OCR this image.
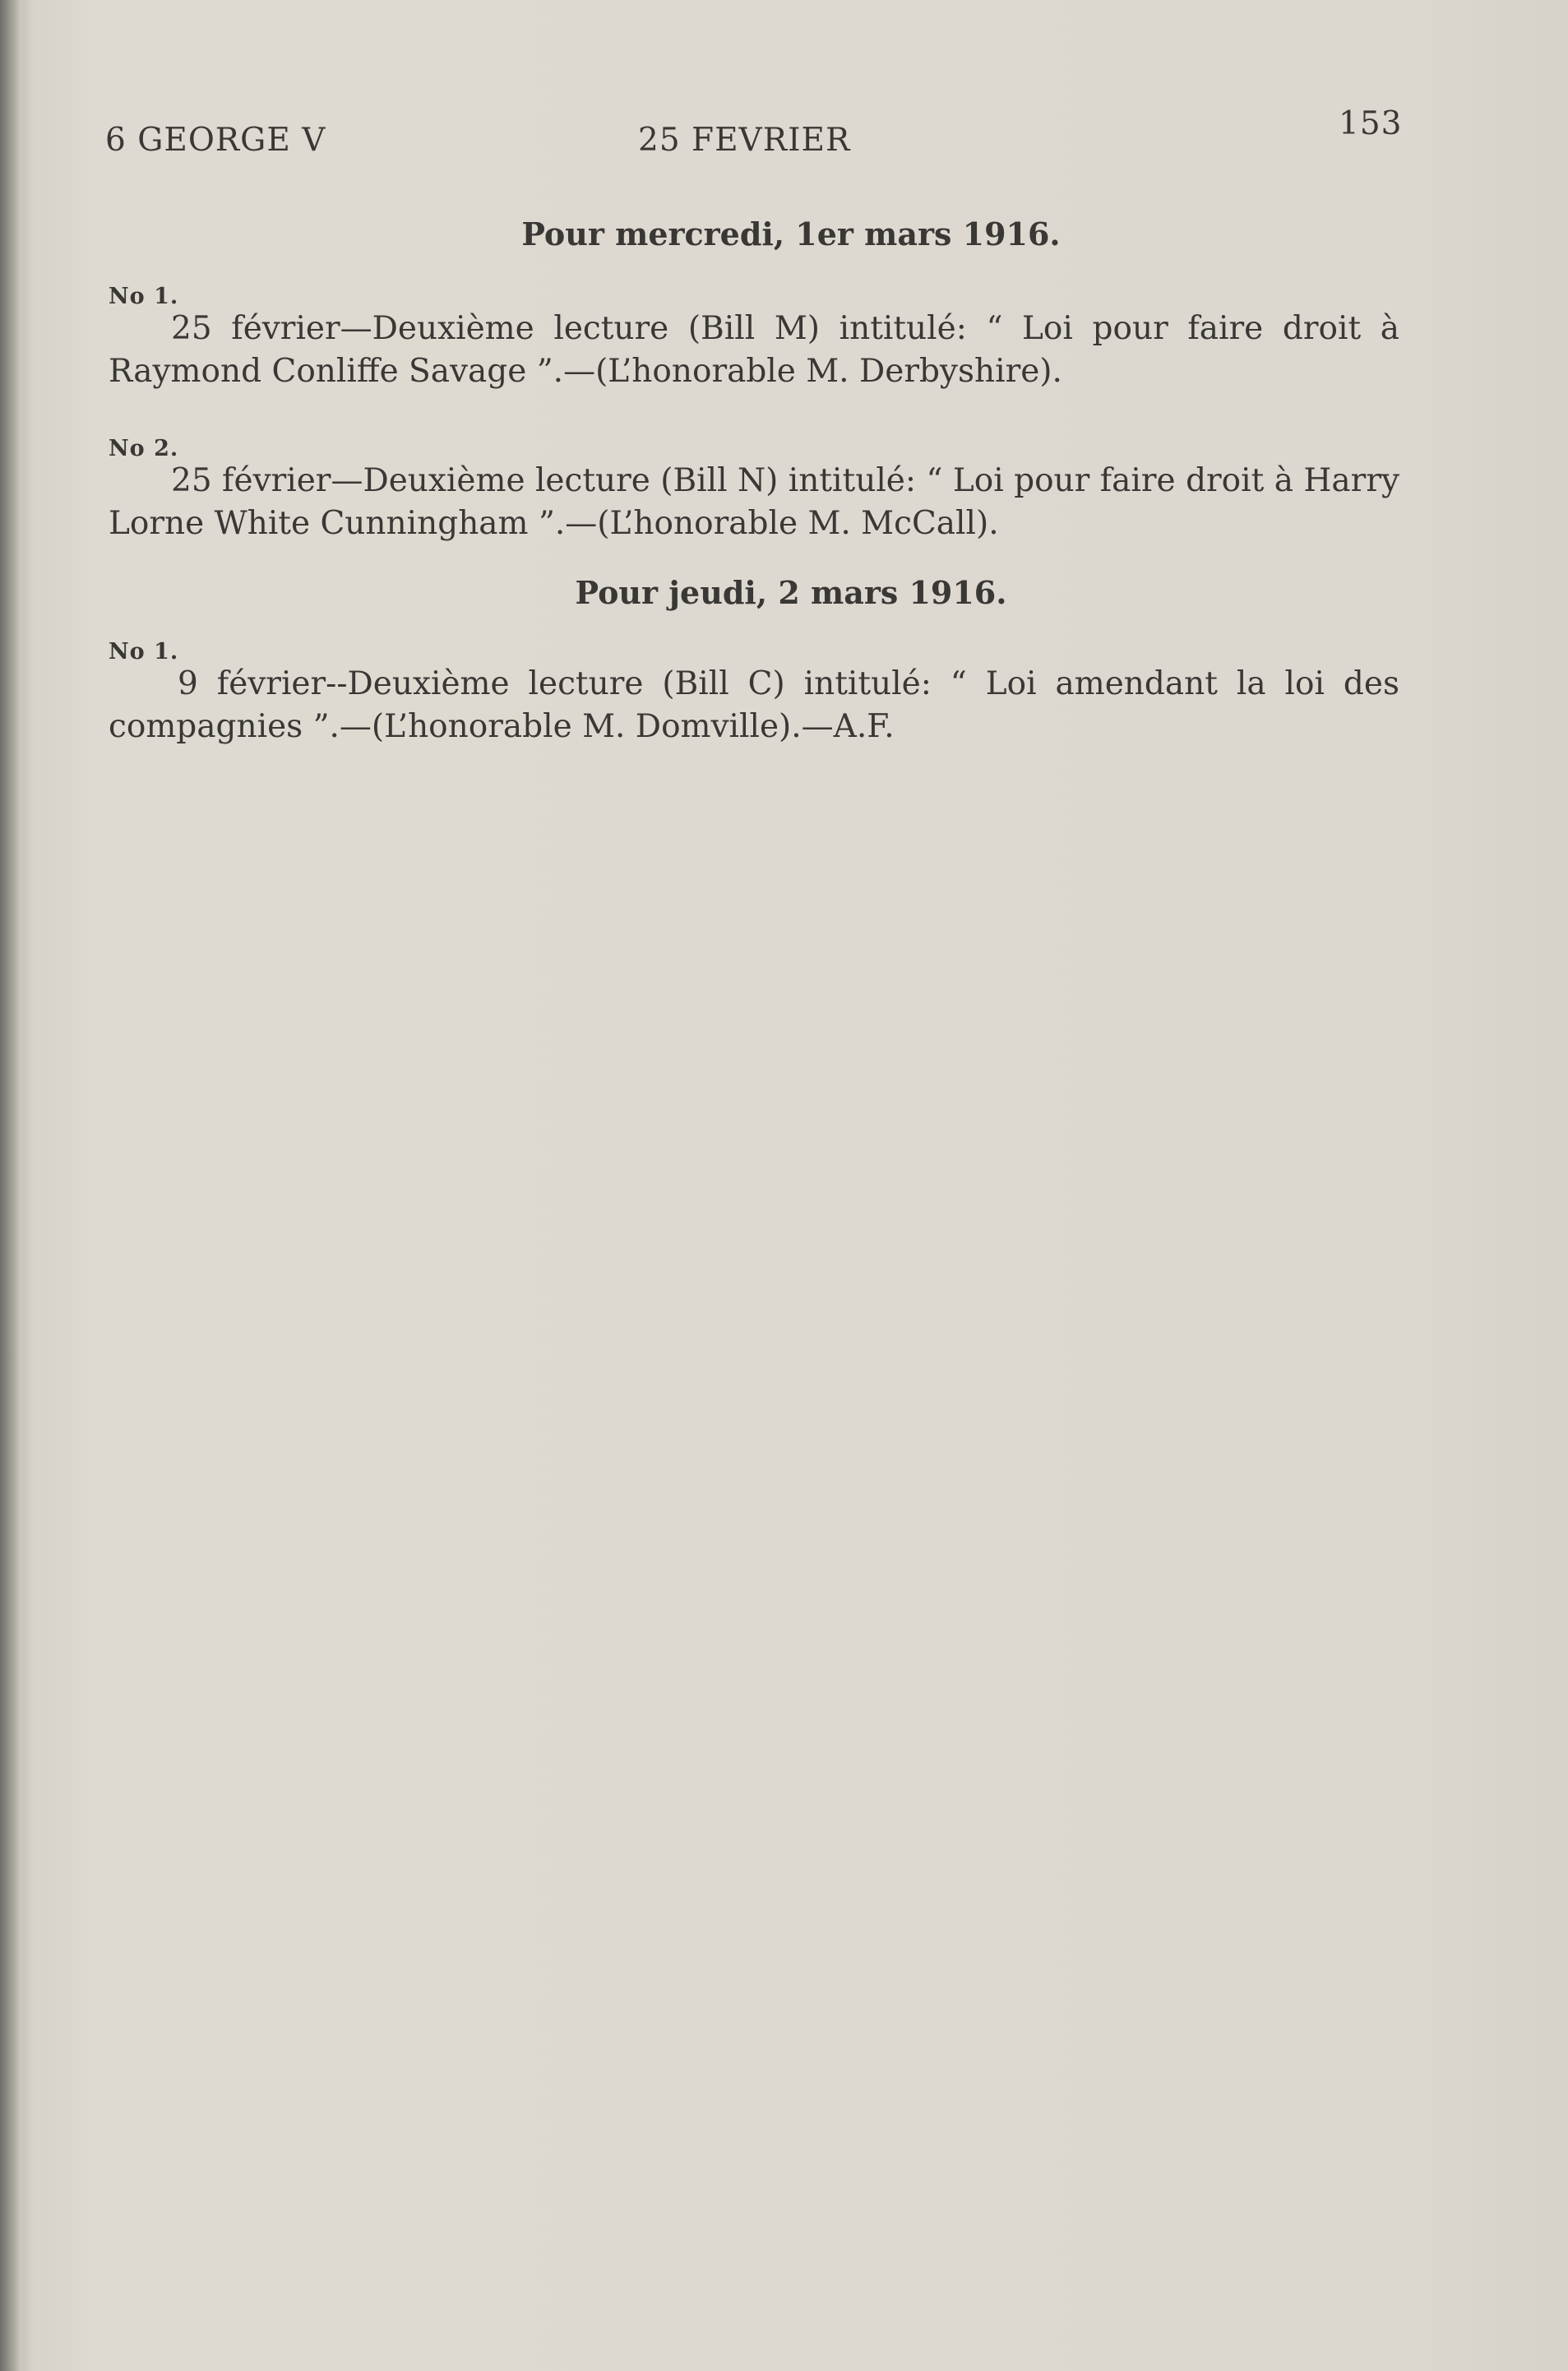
6 GEORGE V	25 FEVRIER	153
Pour mercredi, 1er mars 1916.
No 1.
25 février—Deuxième lecture (Bill M) intitulé: “ Loi pour faire droit à Raymond Conliffe Savage ”.—(L’honorable M. Derbyshire).
No 2.
25 février—Deuxième lecture (Bill N) intitulé: “ Loi pour faire droit à Harry Lorne White Cunningham ”.—(L’honorable M. McCall).
Pour jeudi, 2 mars 1916.
No 1.
9 février--Deuxième lecture (Bill C) intitulé: “ Loi amendant la loi des compagnies ”.—(L’honorable M. Domville).—A.F.
